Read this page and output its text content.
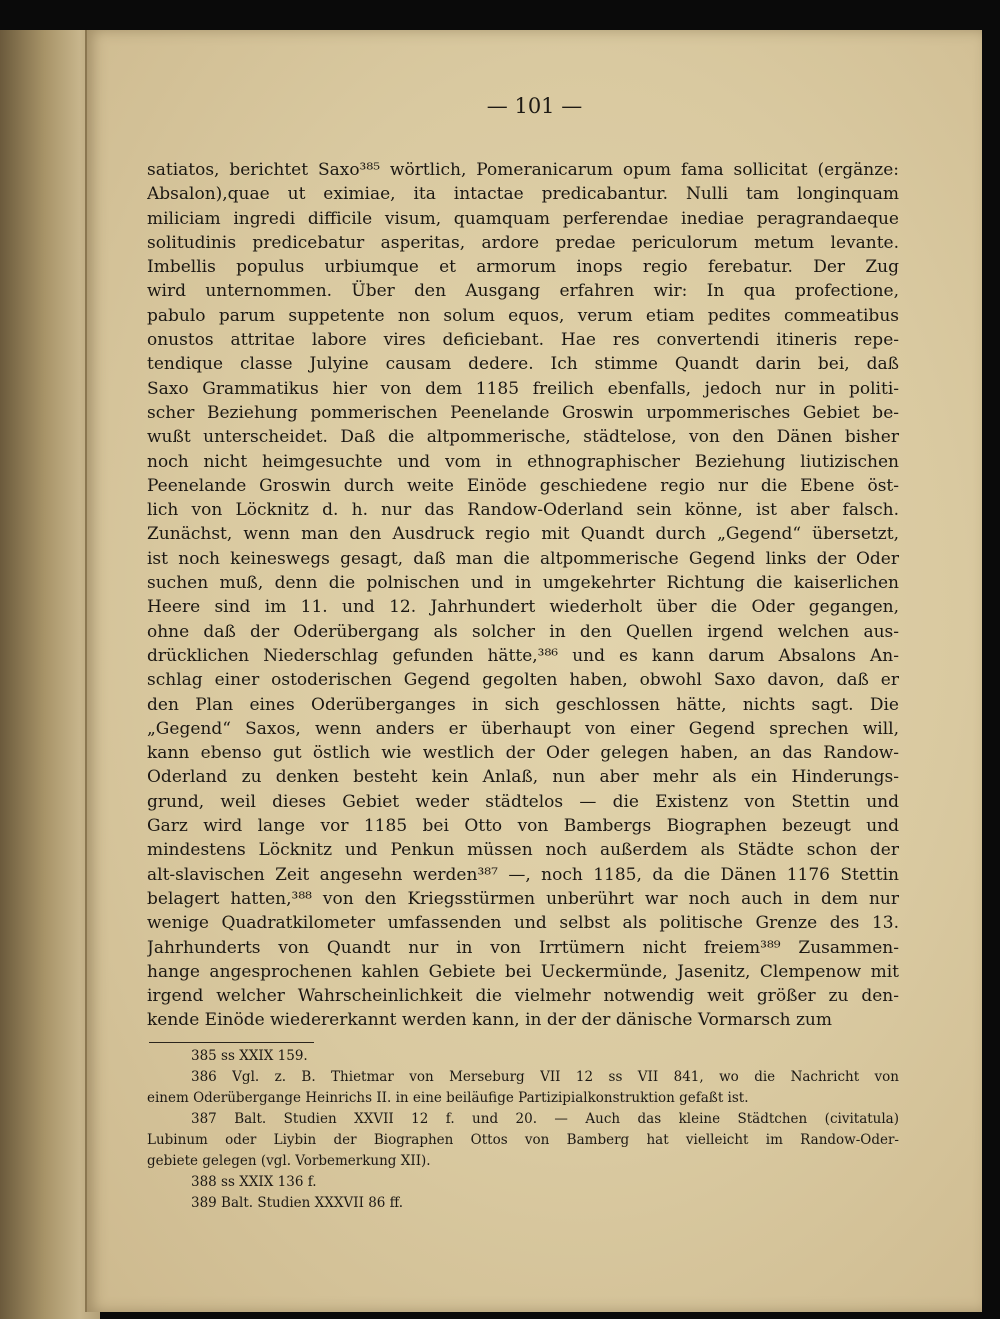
— 101 —
satiatos, berichtet Saxo³⁸⁵ wörtlich, Pomeranicarum opum fama sollicitat (ergänze:
Absalon),quae ut eximiae, ita intactae predicabantur. Nulli tam longinquam
miliciam ingredi difficile visum, quamquam perferendae inediae peragrandaeque
solitudinis predicebatur asperitas, ardore predae periculorum metum levante.
Imbellis populus urbiumque et armorum inops regio ferebatur. Der Zug
wird unternommen. Über den Ausgang erfahren wir: In qua profectione,
pabulo parum suppetente non solum equos, verum etiam pedites commeatibus
onustos attritae labore vires deficiebant. Hae res convertendi itineris repe-
tendique classe Julyine causam dedere. Ich stimme Quandt darin bei, daß
Saxo Grammatikus hier von dem 1185 freilich ebenfalls, jedoch nur in politi-
scher Beziehung pommerischen Peenelande Groswin urpommerisches Gebiet be-
wußt unterscheidet. Daß die altpommerische, städtelose, von den Dänen bisher
noch nicht heimgesuchte und vom in ethnographischer Beziehung liutizischen
Peenelande Groswin durch weite Einöde geschiedene regio nur die Ebene öst-
lich von Löcknitz d. h. nur das Randow-Oderland sein könne, ist aber falsch.
Zunächst, wenn man den Ausdruck regio mit Quandt durch „Gegend“ übersetzt,
ist noch keineswegs gesagt, daß man die altpommerische Gegend links der Oder
suchen muß, denn die polnischen und in umgekehrter Richtung die kaiserlichen
Heere sind im 11. und 12. Jahrhundert wiederholt über die Oder gegangen,
ohne daß der Oderübergang als solcher in den Quellen irgend welchen aus-
drücklichen Niederschlag gefunden hätte,³⁸⁶ und es kann darum Absalons An-
schlag einer ostoderischen Gegend gegolten haben, obwohl Saxo davon, daß er
den Plan eines Oderüberganges in sich geschlossen hätte, nichts sagt. Die
„Gegend“ Saxos, wenn anders er überhaupt von einer Gegend sprechen will,
kann ebenso gut östlich wie westlich der Oder gelegen haben, an das Randow-
Oderland zu denken besteht kein Anlaß, nun aber mehr als ein Hinderungs-
grund, weil dieses Gebiet weder städtelos — die Existenz von Stettin und
Garz wird lange vor 1185 bei Otto von Bambergs Biographen bezeugt und
mindestens Löcknitz und Penkun müssen noch außerdem als Städte schon der
alt-slavischen Zeit angesehn werden³⁸⁷ —, noch 1185, da die Dänen 1176 Stettin
belagert hatten,³⁸⁸ von den Kriegsstürmen unberührt war noch auch in dem nur
wenige Quadratkilometer umfassenden und selbst als politische Grenze des 13.
Jahrhunderts von Quandt nur in von Irrtümern nicht freiem³⁸⁹ Zusammen-
hange angesprochenen kahlen Gebiete bei Ueckermünde, Jasenitz, Clempenow mit
irgend welcher Wahrscheinlichkeit die vielmehr notwendig weit größer zu den-
kende Einöde wiedererkannt werden kann, in der der dänische Vormarsch zum
385 ss XXIX 159.
386 Vgl. z. B. Thietmar von Merseburg VII 12 ss VII 841, wo die Nachricht von
einem Oderübergange Heinrichs II. in eine beiläufige Partizipialkonstruktion gefaßt ist.
387 Balt. Studien XXVII 12 f. und 20. — Auch das kleine Städtchen (civitatula)
Lubinum oder Liybin der Biographen Ottos von Bamberg hat vielleicht im Randow-Oder-
gebiete gelegen (vgl. Vorbemerkung XII).
388 ss XXIX 136 f.
389 Balt. Studien XXXVII 86 ff.
